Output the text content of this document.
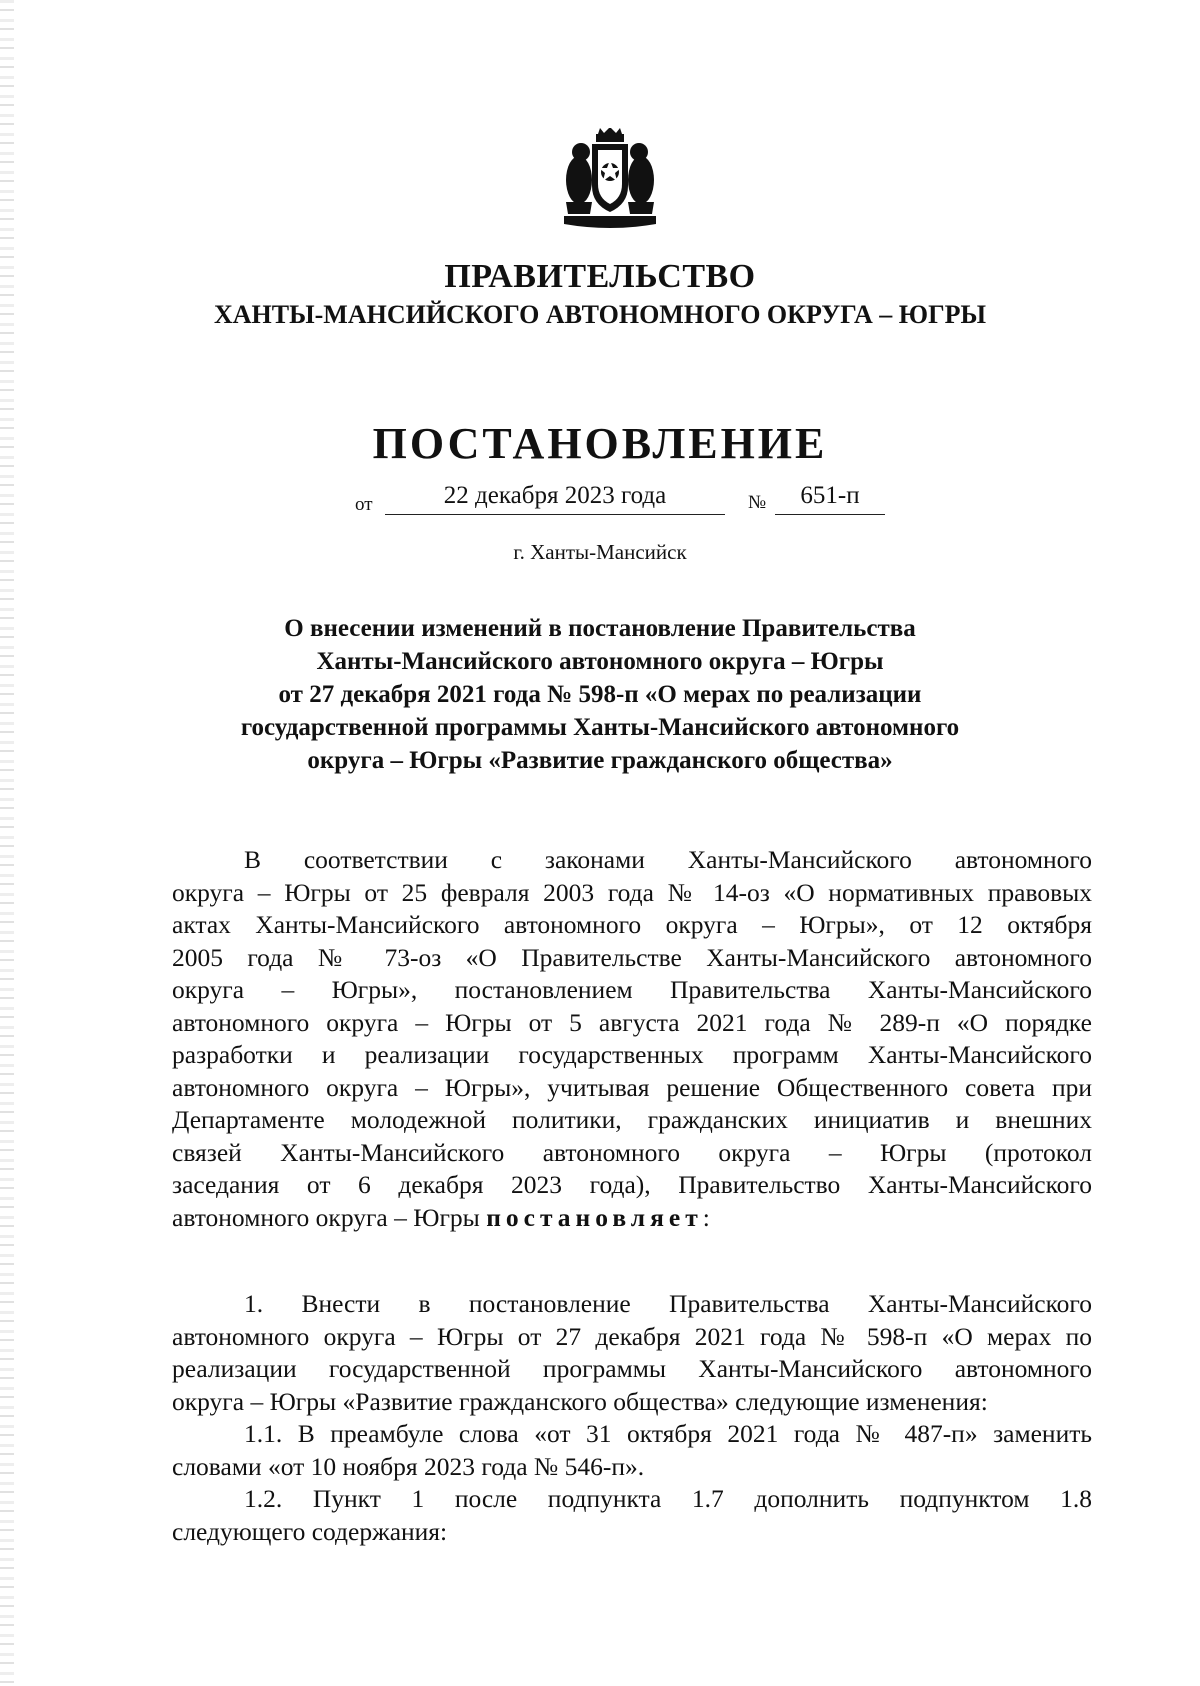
ПРАВИТЕЛЬСТВО
ХАНТЫ-МАНСИЙСКОГО АВТОНОМНОГО ОКРУГА – ЮГРЫ
ПОСТАНОВЛЕНИЕ
от	22 декабря 2023 года	№	651-п
г. Ханты-Мансийск
О внесении изменений в постановление Правительства
Ханты-Мансийского автономного округа – Югры
от 27 декабря 2021 года № 598-п «О мерах по реализации
государственной программы Ханты-Мансийского автономного
округа – Югры «Развитие гражданского общества»
В соответствии с законами Ханты-Мансийского автономного
округа – Югры от 25 февраля 2003 года № 14-оз «О нормативных правовых
актах Ханты-Мансийского автономного округа – Югры», от 12 октября
2005 года № 73-оз «О Правительстве Ханты-Мансийского автономного
округа – Югры», постановлением Правительства Ханты-Мансийского
автономного округа – Югры от 5 августа 2021 года № 289-п «О порядке
разработки и реализации государственных программ Ханты-Мансийского
автономного округа – Югры», учитывая решение Общественного совета при
Департаменте молодежной политики, гражданских инициатив и внешних
связей Ханты-Мансийского автономного округа – Югры (протокол
заседания от 6 декабря 2023 года), Правительство Ханты-Мансийского
автономного округа – Югры постановляет:
1. Внести в постановление Правительства Ханты-Мансийского
автономного округа – Югры от 27 декабря 2021 года № 598-п «О мерах по
реализации государственной программы Ханты-Мансийского автономного
округа – Югры «Развитие гражданского общества» следующие изменения:
1.1. В преамбуле слова «от 31 октября 2021 года № 487-п» заменить
словами «от 10 ноября 2023 года № 546-п».
1.2. Пункт 1 после подпункта 1.7 дополнить подпунктом 1.8
следующего содержания:
